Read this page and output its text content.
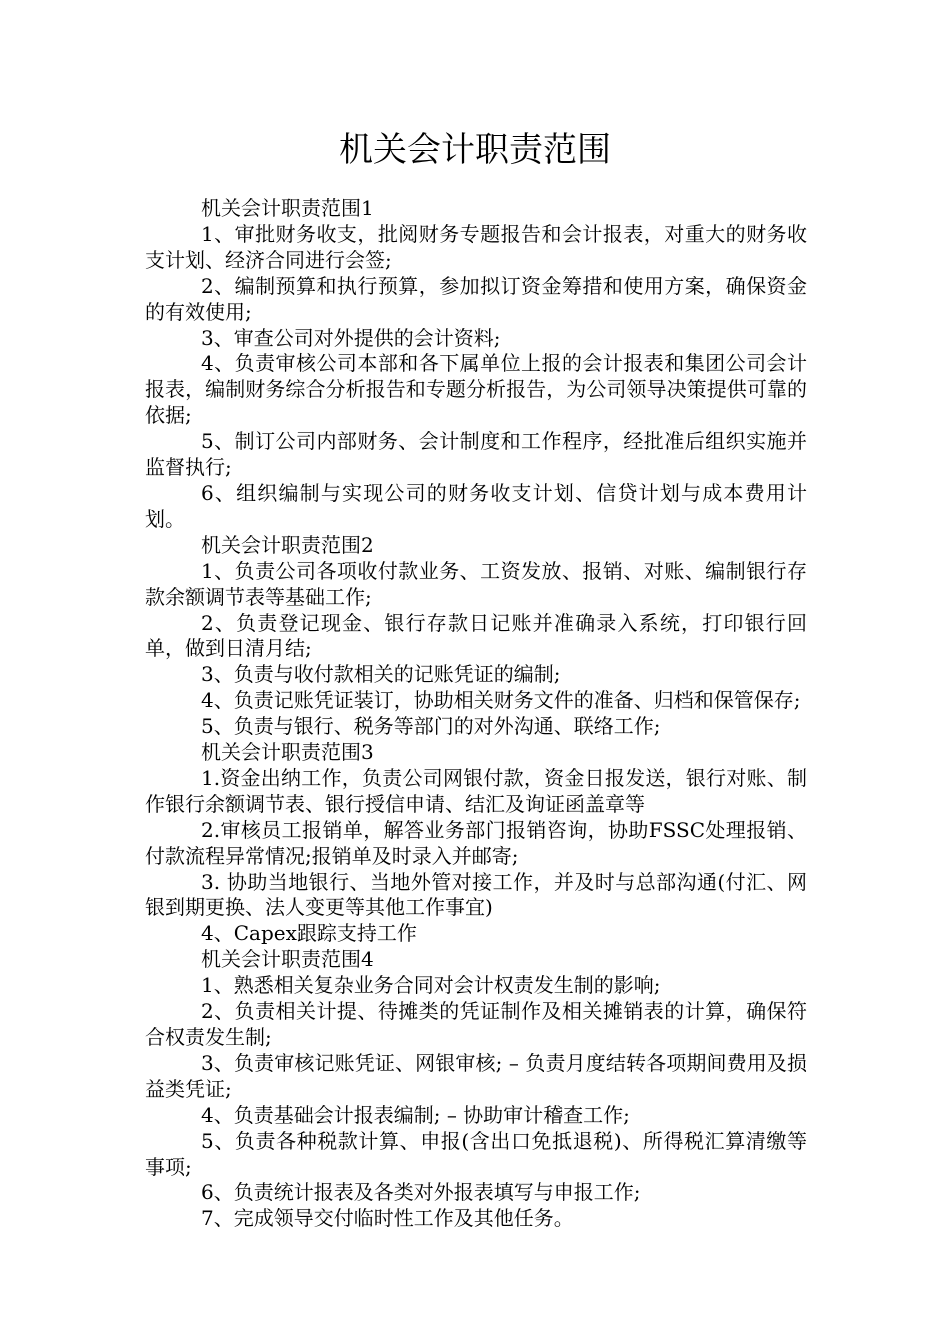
机关会计职责范围

机关会计职责范围1

1、审批财务收支，批阅财务专题报告和会计报表，对重大的财务收支计划、经济合同进行会签;

2、编制预算和执行预算，参加拟订资金筹措和使用方案，确保资金的有效使用;

3、审查公司对外提供的会计资料;

4、负责审核公司本部和各下属单位上报的会计报表和集团公司会计报表，编制财务综合分析报告和专题分析报告，为公司领导决策提供可靠的依据;

5、制订公司内部财务、会计制度和工作程序，经批准后组织实施并监督执行;

6、组织编制与实现公司的财务收支计划、信贷计划与成本费用计划。

机关会计职责范围2

1、负责公司各项收付款业务、工资发放、报销、对账、编制银行存款余额调节表等基础工作;

2、负责登记现金、银行存款日记账并准确录入系统，打印银行回单，做到日清月结;

3、负责与收付款相关的记账凭证的编制;

4、负责记账凭证装订，协助相关财务文件的准备、归档和保管保存;

5、负责与银行、税务等部门的对外沟通、联络工作;

机关会计职责范围3

1.资金出纳工作，负责公司网银付款，资金日报发送，银行对账、制作银行余额调节表、银行授信申请、结汇及询证函盖章等

2.审核员工报销单，解答业务部门报销咨询，协助FSSC处理报销、付款流程异常情况;报销单及时录入并邮寄;

3. 协助当地银行、当地外管对接工作，并及时与总部沟通(付汇、网银到期更换、法人变更等其他工作事宜)

4、Capex跟踪支持工作

机关会计职责范围4

1、熟悉相关复杂业务合同对会计权责发生制的影响;

2、负责相关计提、待摊类的凭证制作及相关摊销表的计算，确保符合权责发生制;

3、负责审核记账凭证、网银审核; – 负责月度结转各项期间费用及损益类凭证;

4、负责基础会计报表编制; – 协助审计稽查工作;

5、负责各种税款计算、申报(含出口免抵退税)、所得税汇算清缴等事项;

6、负责统计报表及各类对外报表填写与申报工作;

7、完成领导交付临时性工作及其他任务。
